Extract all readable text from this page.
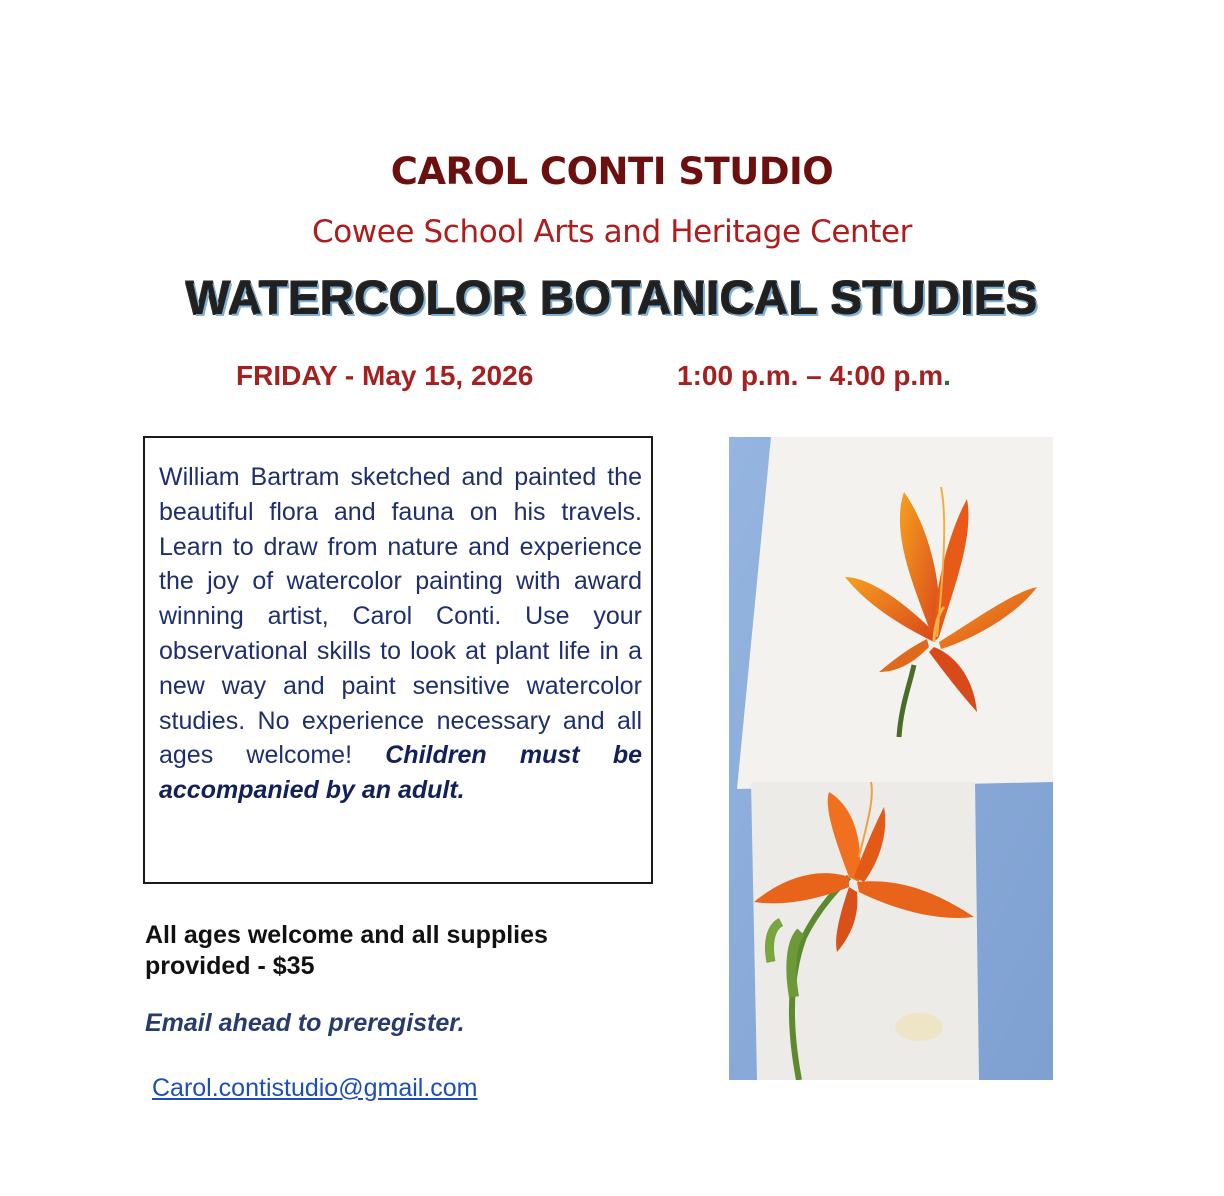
CAROL CONTI STUDIO
Cowee School Arts and Heritage Center
WATERCOLOR BOTANICAL STUDIES
FRIDAY - May 15, 2026	1:00 p.m. – 4:00 p.m.
William Bartram sketched and painted the beautiful flora and fauna on his travels. Learn to draw from nature and experience the joy of watercolor painting with award winning artist, Carol Conti. Use your observational skills to look at plant life in a new way and paint sensitive watercolor studies. No experience necessary and all ages welcome! Children must be accompanied by an adult.
All ages welcome and all supplies provided - $35
Email ahead to preregister.
Carol.contistudio@gmail.com
